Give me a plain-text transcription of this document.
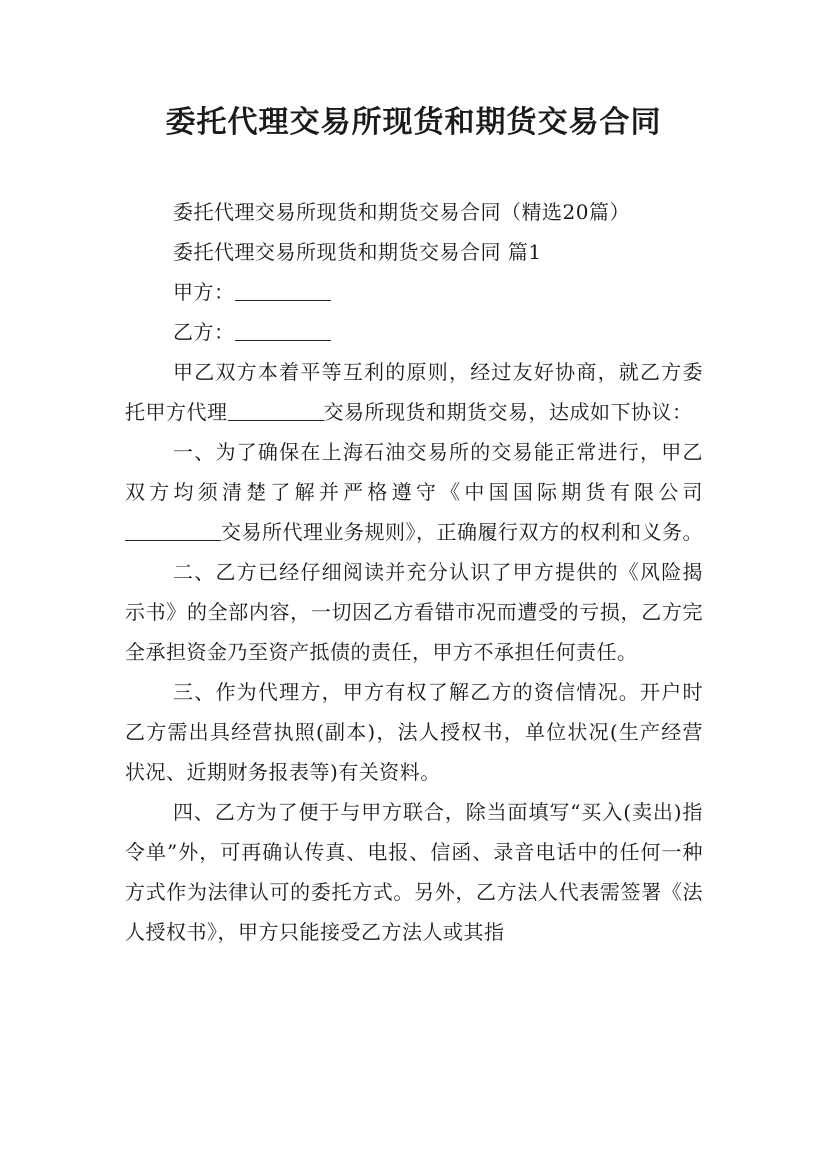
委托代理交易所现货和期货交易合同

委托代理交易所现货和期货交易合同（精选20篇）

委托代理交易所现货和期货交易合同 篇1

甲方：

乙方：

甲乙双方本着平等互利的原则，经过友好协商，就乙方委托甲方代理	交易所现货和期货交易，达成如下协议：

一、为了确保在上海石油交易所的交易能正常进行，甲乙双方均须清楚了解并严格遵守《中国国际期货有限公司交易所代理业务规则》，正确履行双方的权利和义务。

二、乙方已经仔细阅读并充分认识了甲方提供的《风险揭示书》的全部内容，一切因乙方看错市况而遭受的亏损，乙方完全承担资金乃至资产抵债的责任，甲方不承担任何责任。

三、作为代理方，甲方有权了解乙方的资信情况。开户时乙方需出具经营执照(副本)，法人授权书，单位状况(生产经营状况、近期财务报表等)有关资料。

四、乙方为了便于与甲方联合，除当面填写“买入(卖出)指令单”外，可再确认传真、电报、信函、录音电话中的任何一种方式作为法律认可的委托方式。另外，乙方法人代表需签署《法人授权书》，甲方只能接受乙方法人或其指
